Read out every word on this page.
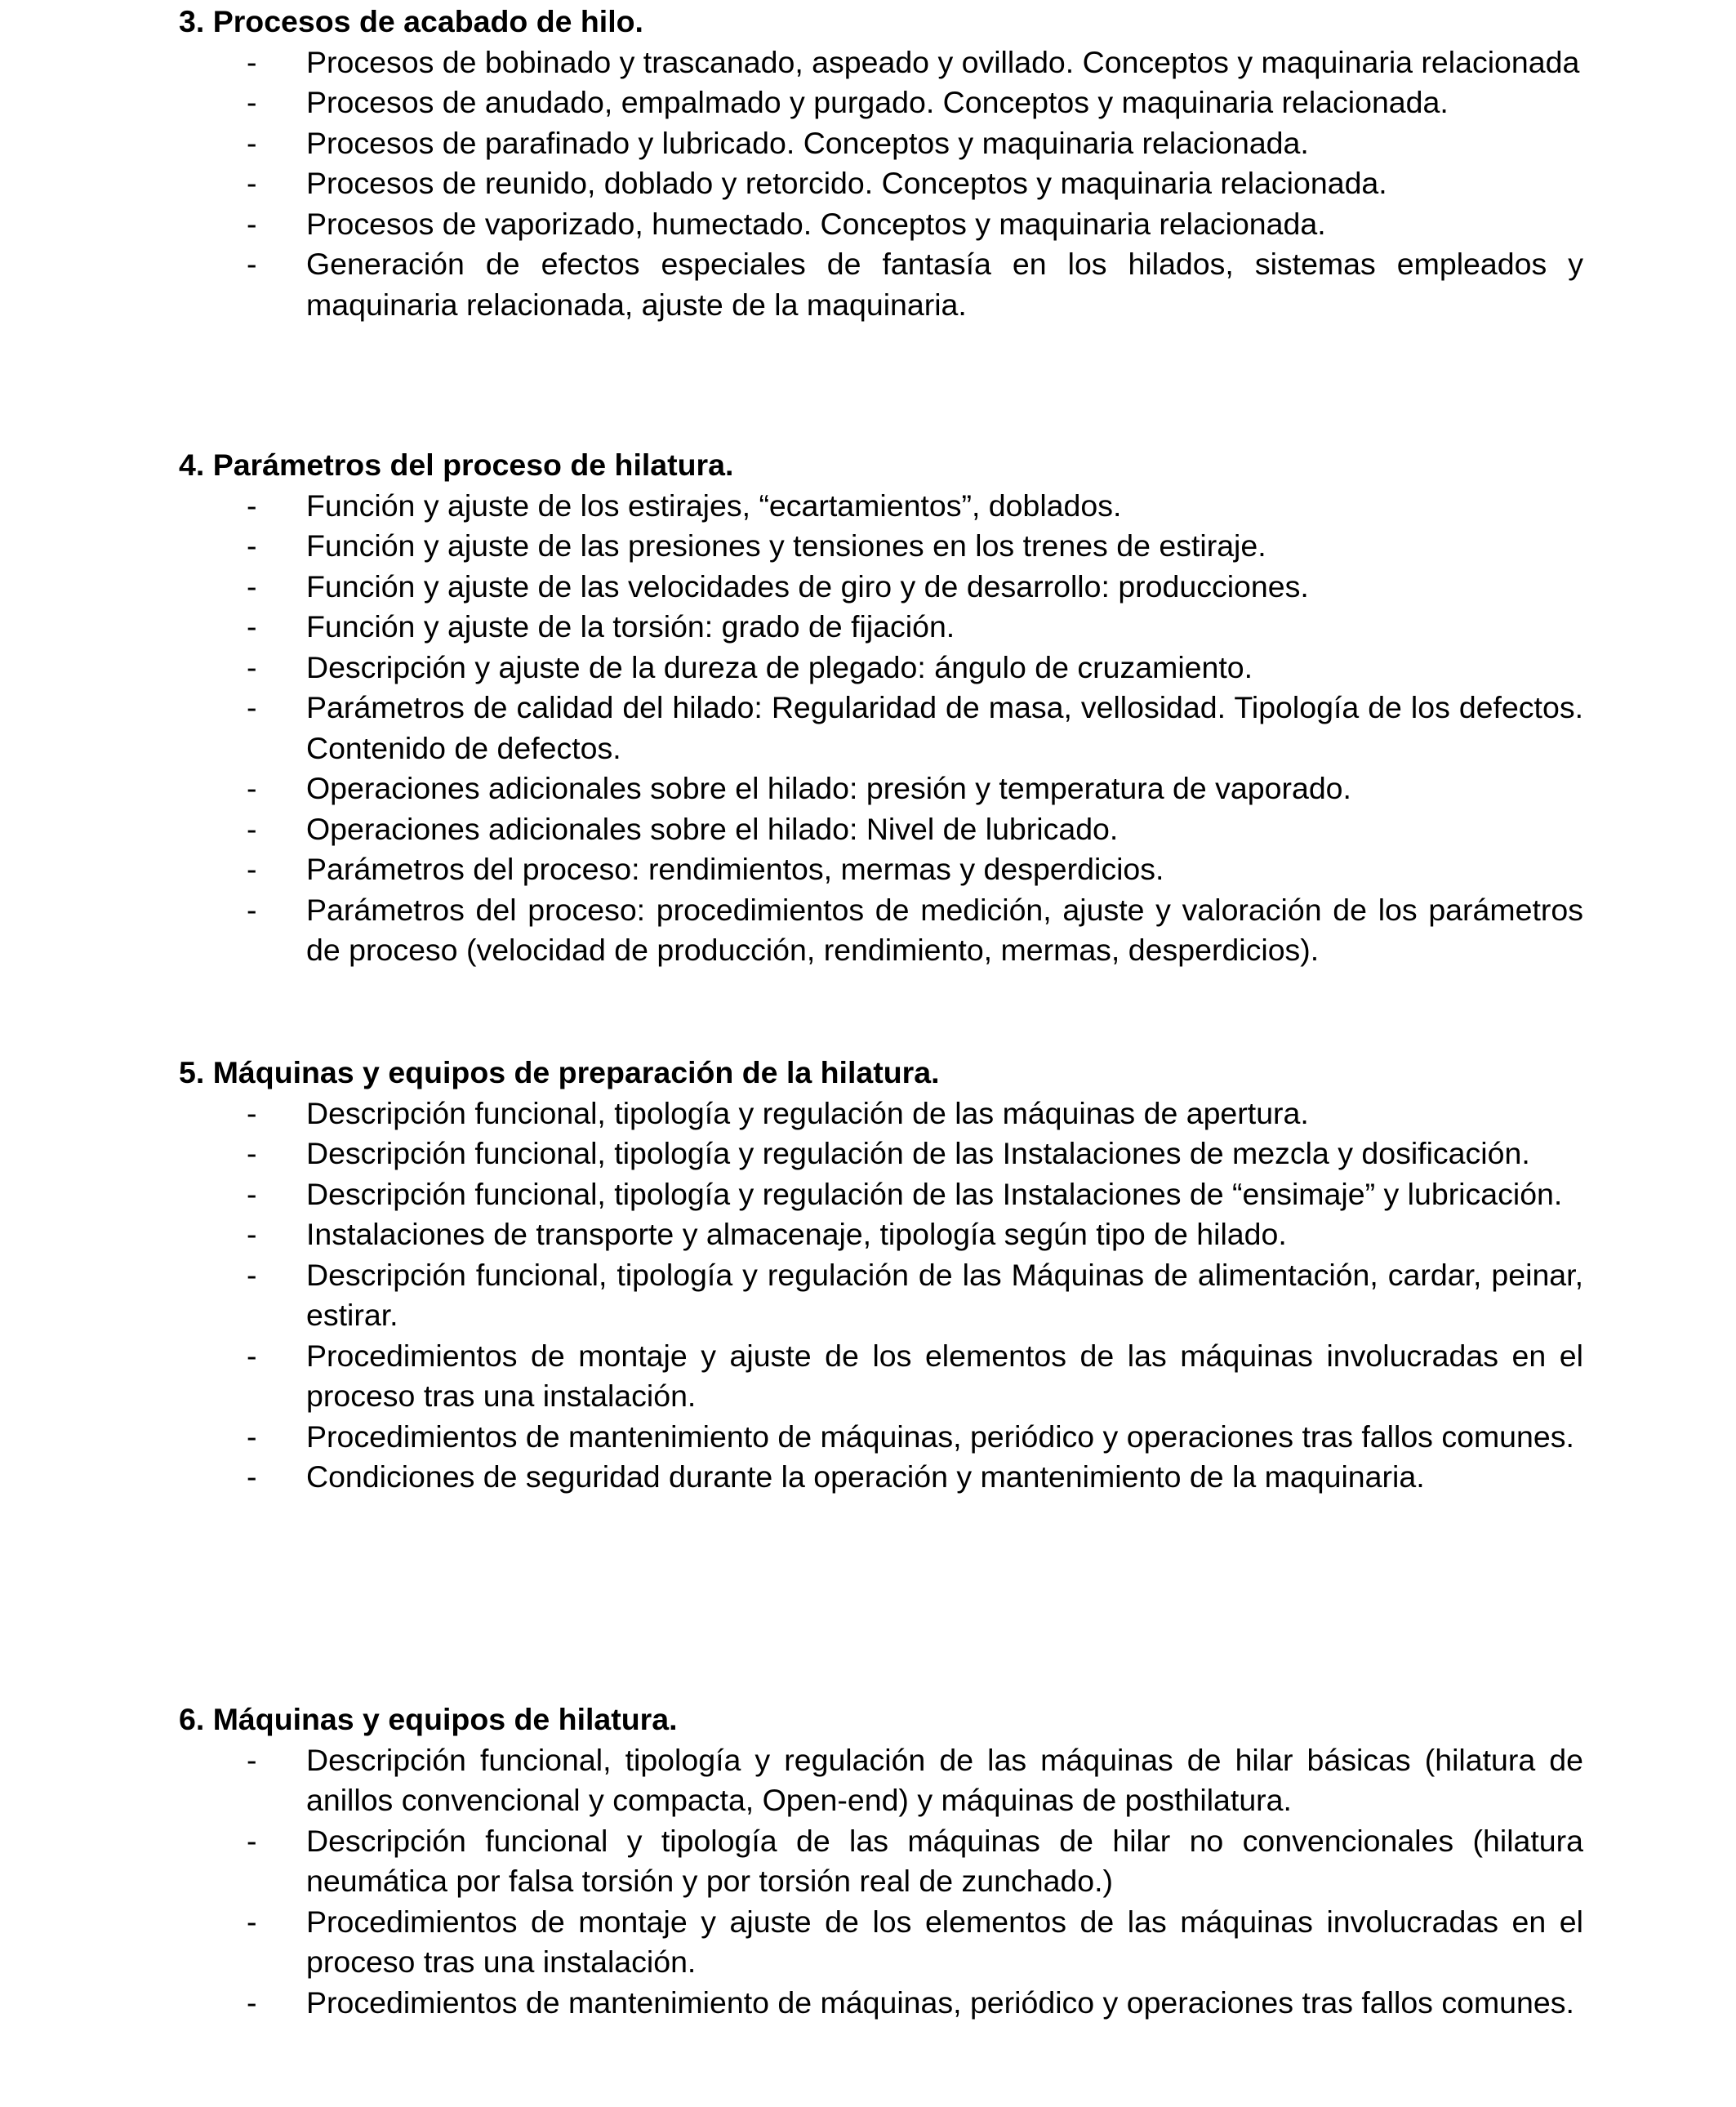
3. Procesos de acabado de hilo.
- Procesos de bobinado y trascanado, aspeado y ovillado. Conceptos y maquinaria relacionada
- Procesos de anudado, empalmado y purgado. Conceptos y maquinaria relacionada.
- Procesos de parafinado y lubricado. Conceptos y maquinaria relacionada.
- Procesos de reunido, doblado y retorcido. Conceptos y maquinaria relacionada.
- Procesos de vaporizado, humectado. Conceptos y maquinaria relacionada.
- Generación de efectos especiales de fantasía en los hilados, sistemas empleados y maquinaria relacionada, ajuste de la maquinaria.
4. Parámetros del proceso de hilatura.
- Función y ajuste de los estirajes, “ecartamientos”, doblados.
- Función y ajuste de las presiones y tensiones en los trenes de estiraje.
- Función y ajuste de las velocidades de giro y de desarrollo: producciones.
- Función y ajuste de la torsión: grado de fijación.
- Descripción y ajuste de la dureza de plegado: ángulo de cruzamiento.
- Parámetros de calidad del hilado: Regularidad de masa, vellosidad. Tipología de los defectos. Contenido de defectos.
- Operaciones adicionales sobre el hilado: presión y temperatura de vaporado.
- Operaciones adicionales sobre el hilado: Nivel de lubricado.
- Parámetros del proceso: rendimientos, mermas y desperdicios.
- Parámetros del proceso: procedimientos de medición, ajuste y valoración de los parámetros de proceso (velocidad de producción, rendimiento, mermas, desperdicios).
5. Máquinas y equipos de preparación de la hilatura.
- Descripción funcional, tipología y regulación de las máquinas de apertura.
- Descripción funcional, tipología y regulación de las Instalaciones de mezcla y dosificación.
- Descripción funcional, tipología y regulación de las Instalaciones de “ensimaje” y lubricación.
- Instalaciones de transporte y almacenaje, tipología según tipo de hilado.
- Descripción funcional, tipología y regulación de las Máquinas de alimentación, cardar, peinar, estirar.
- Procedimientos de montaje y ajuste de los elementos de las máquinas involucradas en el proceso tras una instalación.
- Procedimientos de mantenimiento de máquinas, periódico y operaciones tras fallos comunes.
- Condiciones de seguridad durante la operación y mantenimiento de la maquinaria.
6. Máquinas y equipos de hilatura.
- Descripción funcional, tipología y regulación de las máquinas de hilar básicas (hilatura de anillos convencional y compacta, Open-end) y máquinas de posthilatura.
- Descripción funcional y tipología de las máquinas de hilar no convencionales (hilatura neumática por falsa torsión y por torsión real de zunchado.)
- Procedimientos de montaje y ajuste de los elementos de las máquinas involucradas en el proceso tras una instalación.
- Procedimientos de mantenimiento de máquinas, periódico y operaciones tras fallos comunes.
